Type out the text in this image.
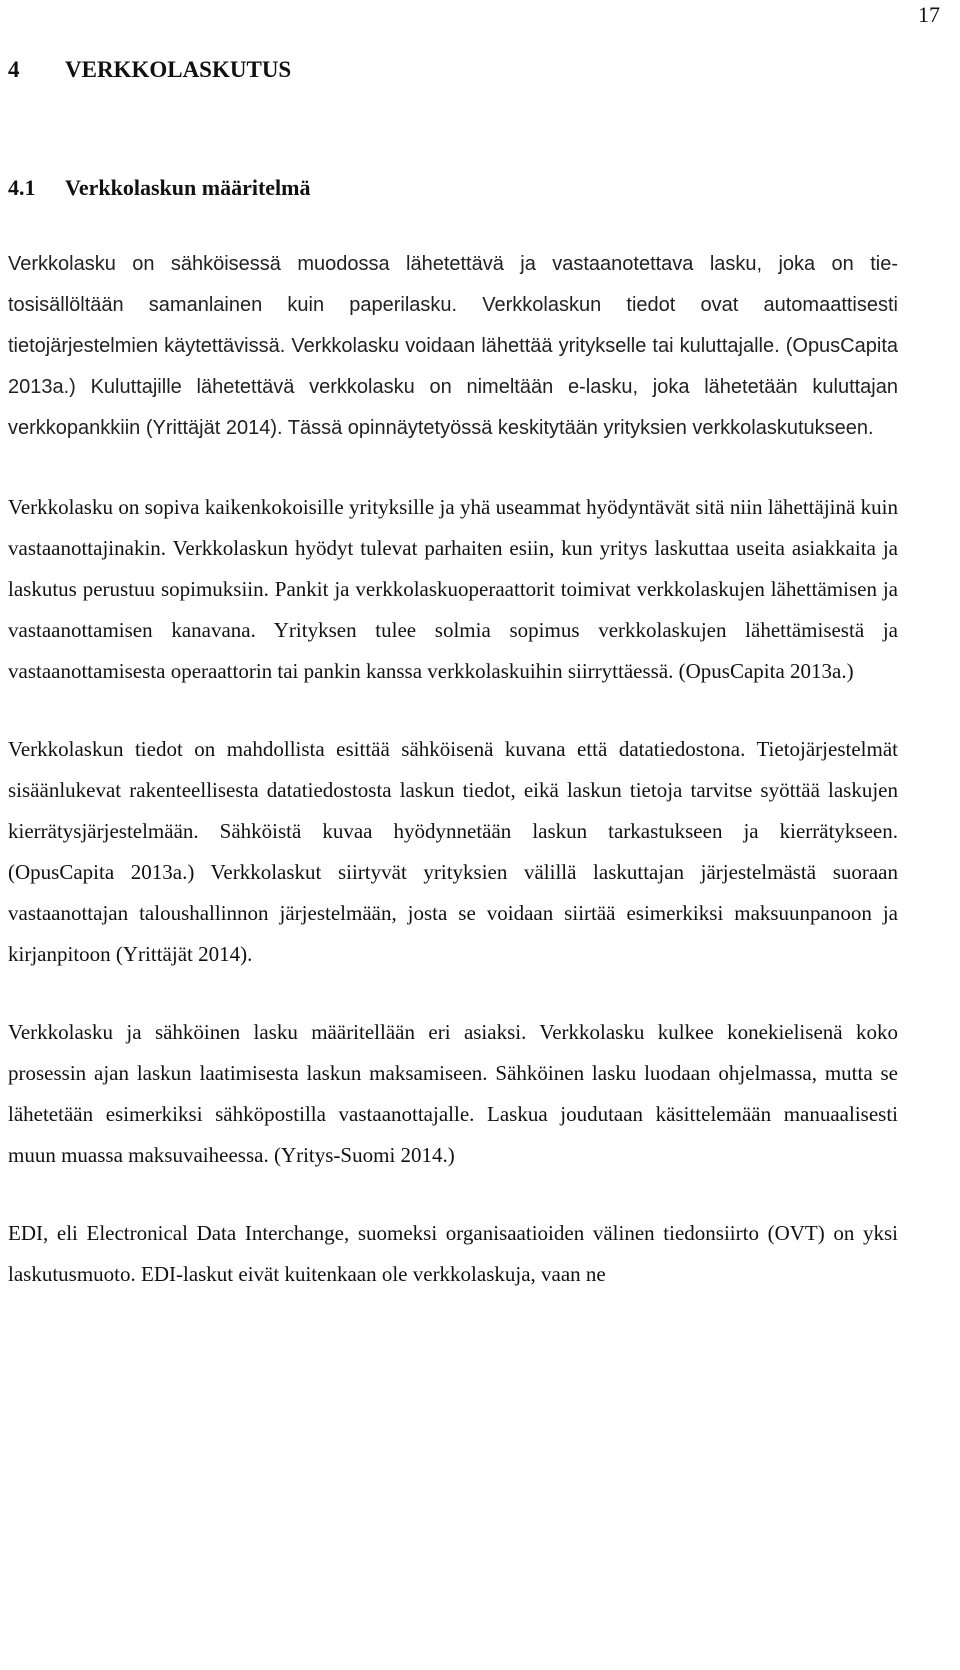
17
4 VERKKOLASKUTUS
4.1 Verkkolaskun määritelmä

Verkkolasku on sähköisessä muodossa lähetettävä ja vastaanotettava lasku, joka on tietosisällöltään samanlainen kuin paperilasku. Verkkolaskun tiedot ovat automaattisesti tietojärjestelmien käytettävissä. Verkkolasku voidaan lähettää yritykselle tai kuluttajalle. (OpusCapita 2013a.) Kuluttajille lähetettävä verkkolasku on nimeltään e-lasku, joka lähetetään kuluttajan verkkopankkiin (Yrittäjät 2014). Tässä opinnäytetyössä keskitytään yrityksien verkkolaskutukseen.

Verkkolasku on sopiva kaikenkokoisille yrityksille ja yhä useammat hyödyntävät sitä niin lähettäjinä kuin vastaanottajinakin. Verkkolaskun hyödyt tulevat parhaiten esiin, kun yritys laskuttaa useita asiakkaita ja laskutus perustuu sopimuksiin. Pankit ja verkkolaskuoperaattorit toimivat verkkolaskujen lähettämisen ja vastaanottamisen kanavana. Yrityksen tulee solmia sopimus verkkolaskujen lähettämisestä ja vastaanottamisesta operaattorin tai pankin kanssa verkkolaskuihin siirryttäessä. (OpusCapita 2013a.)

Verkkolaskun tiedot on mahdollista esittää sähköisenä kuvana että datatiedostona. Tietojärjestelmät sisäänlukevat rakenteellisesta datatiedostosta laskun tiedot, eikä laskun tietoja tarvitse syöttää laskujen kierrätysjärjestelmään. Sähköistä kuvaa hyödynnetään laskun tarkastukseen ja kierrätykseen. (OpusCapita 2013a.) Verkkolaskut siirtyvät yrityksien välillä laskuttajan järjestelmästä suoraan vastaanottajan taloushallinnon järjestelmään, josta se voidaan siirtää esimerkiksi maksuunpanoon ja kirjanpitoon (Yrittäjät 2014).

Verkkolasku ja sähköinen lasku määritellään eri asiaksi. Verkkolasku kulkee konekielisenä koko prosessin ajan laskun laatimisesta laskun maksamiseen. Sähköinen lasku luodaan ohjelmassa, mutta se lähetetään esimerkiksi sähköpostilla vastaanottajalle. Laskua joudutaan käsittelemään manuaalisesti muun muassa maksuvaiheessa. (Yritys-Suomi 2014.)

EDI, eli Electronical Data Interchange, suomeksi organisaatioiden välinen tiedonsiirto (OVT) on yksi laskutusmuoto. EDI-laskut eivät kuitenkaan ole verkkolaskuja, vaan ne
